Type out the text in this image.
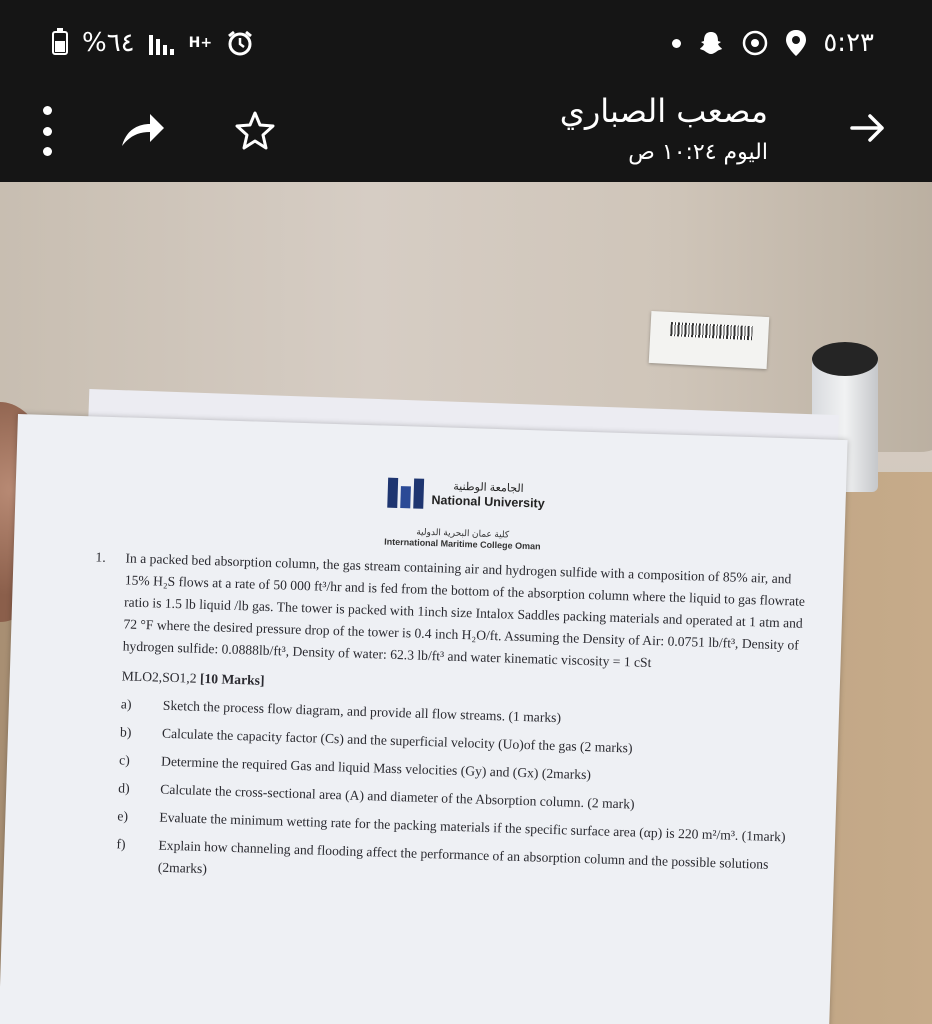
%٦٤	H+	٥:٢٣
مصعب الصباري
اليوم ١٠:٢٤ ص
الجامعة الوطنية
National University
كلية عمان البحرية الدولية
International Maritime College Oman
1. In a packed bed absorption column, the gas stream containing air and hydrogen sulfide with a composition of 85% air, and 15% H₂S flows at a rate of 50 000 ft³/hr and is fed from the bottom of the absorption column where the liquid to gas flowrate ratio is 1.5 lb liquid /lb gas. The tower is packed with 1inch size Intalox Saddles packing materials and operated at 1 atm and 72 °F where the desired pressure drop of the tower is 0.4 inch H₂O/ft. Assuming the Density of Air: 0.0751 lb/ft³, Density of hydrogen sulfide: 0.0888lb/ft³, Density of water: 62.3 lb/ft³ and water kinematic viscosity = 1 cSt
MLO2,SO1,2 [10 Marks]
a)	Sketch the process flow diagram, and provide all flow streams. (1 marks)
b)	Calculate the capacity factor (Cs) and the superficial velocity (Uo)of the gas (2 marks)
c)	Determine the required Gas and liquid Mass velocities (Gy) and (Gx) (2marks)
d)	Calculate the cross-sectional area (A) and diameter of the Absorption column. (2 mark)
e)	Evaluate the minimum wetting rate for the packing materials if the specific surface area (αp) is 220 m²/m³. (1mark)
f)	Explain how channeling and flooding affect the performance of an absorption column and the possible solutions (2marks)
